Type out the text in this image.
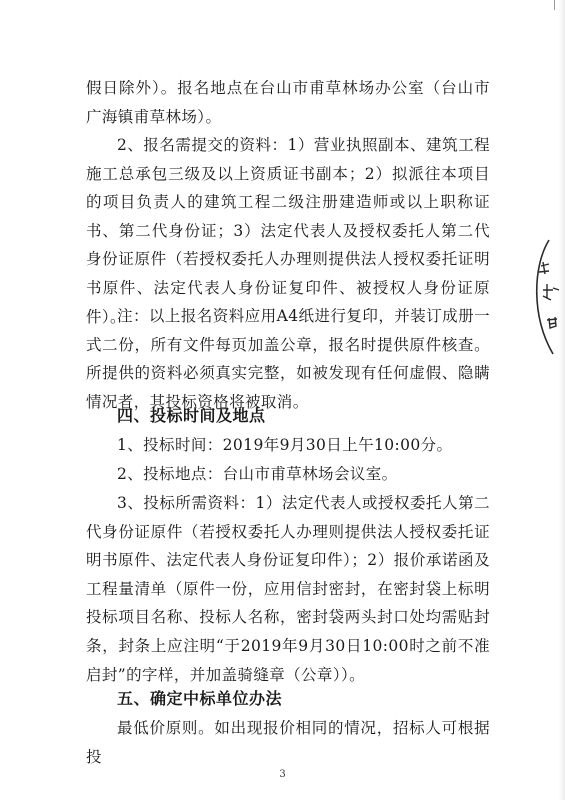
假日除外）。报名地点在台山市甫草林场办公室（台山市广海镇甫草林场）。

2、报名需提交的资料：1）营业执照副本、建筑工程施工总承包三级及以上资质证书副本；2）拟派往本项目的项目负责人的建筑工程二级注册建造师或以上职称证书、第二代身份证；3）法定代表人及授权委托人第二代身份证原件（若授权委托人办理则提供法人授权委托证明书原件、法定代表人身份证复印件、被授权人身份证原件）。

注：以上报名资料应用A4纸进行复印，并装订成册一式二份，所有文件每页加盖公章，报名时提供原件核查。所提供的资料必须真实完整，如被发现有任何虚假、隐瞒情况者，其投标资格将被取消。

四、投标时间及地点

1、投标时间：2019年9月30日上午10:00分。

2、投标地点：台山市甫草林场会议室。

3、投标所需资料：1）法定代表人或授权委托人第二代身份证原件（若授权委托人办理则提供法人授权委托证明书原件、法定代表人身份证复印件）；2）报价承诺函及工程量清单（原件一份，应用信封密封，在密封袋上标明投标项目名称、投标人名称，密封袋两头封口处均需贴封条，封条上应注明“于2019年9月30日10:00时之前不准启封”的字样，并加盖骑缝章（公章））。

五、确定中标单位办法

最低价原则。如出现报价相同的情况，招标人可根据投

3
